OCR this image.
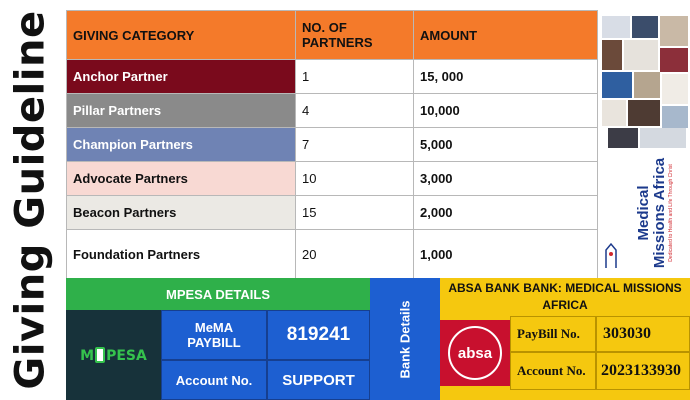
Giving Guideline GIVING CATEGORY	NO. OF PARTNERS	AMOUNT
Anchor Partner	1	15, 000
Pillar Partners	4	10,000
Champion Partners	7	5,000
Advocate Partners	10	3,000
Beacon Partners	15	2,000
Foundation Partners	20	1,000
Medical Missions Africa Dedicated to Health and Life Through Christ
MPESA DETAILS
M PESA
MeMA PAYBILL	819241
Account No.	SUPPORT
Bank Details
ABSA BANK BANK: MEDICAL MISSIONS AFRICA
absa
PayBill No.	303030
Account No. 2023133930
